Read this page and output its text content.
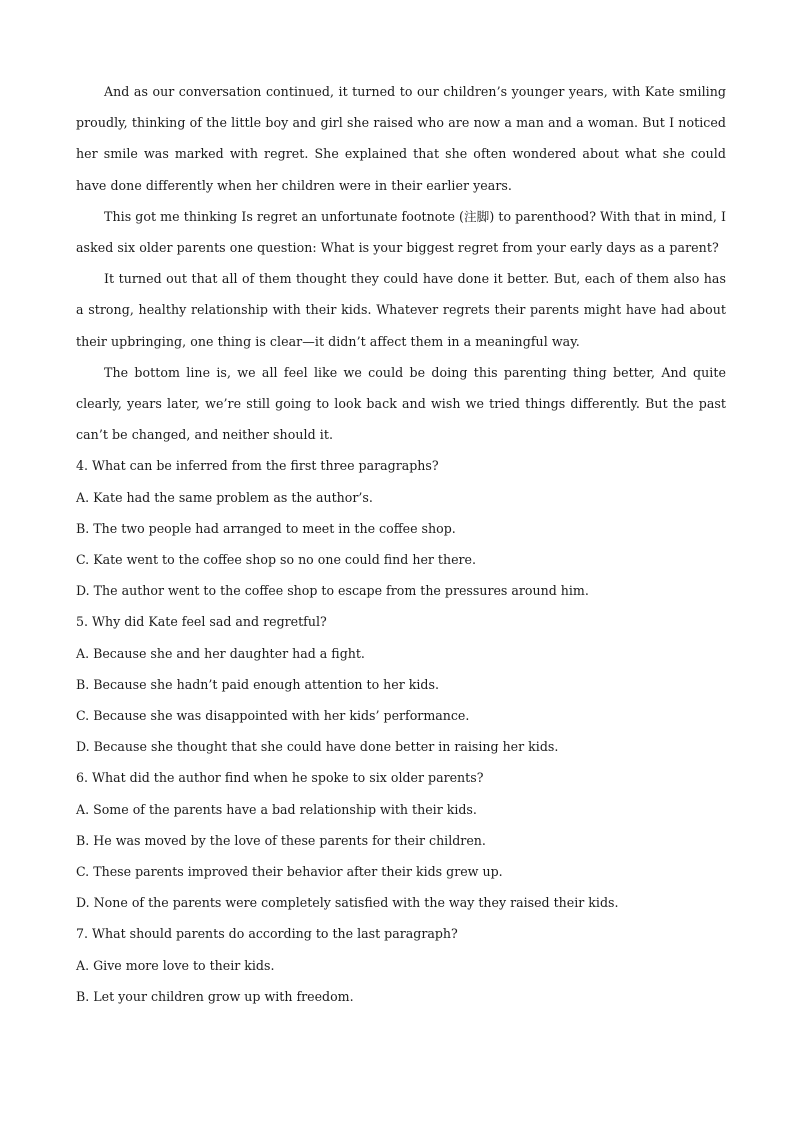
And as our conversation continued, it turned to our children’s younger years, with Kate smiling proudly, thinking of the little boy and girl she raised who are now a man and a woman. But I noticed her smile was marked with regret. She explained that she often wondered about what she could have done differently when her children were in their earlier years.

This got me thinking Is regret an unfortunate footnote (注脚) to parenthood? With that in mind, I asked six older parents one question: What is your biggest regret from your early days as a parent?

It turned out that all of them thought they could have done it better. But, each of them also has a strong, healthy relationship with their kids. Whatever regrets their parents might have had about their upbringing, one thing is clear—it didn’t affect them in a meaningful way.

The bottom line is, we all feel like we could be doing this parenting thing better, And quite clearly, years later, we’re still going to look back and wish we tried things differently. But the past can’t be changed, and neither should it.

4. What can be inferred from the first three paragraphs?

A. Kate had the same problem as the author’s.

B. The two people had arranged to meet in the coffee shop.

C. Kate went to the coffee shop so no one could find her there.

D. The author went to the coffee shop to escape from the pressures around him.

5. Why did Kate feel sad and regretful?

A. Because she and her daughter had a fight.

B. Because she hadn’t paid enough attention to her kids.

C. Because she was disappointed with her kids’ performance.

D. Because she thought that she could have done better in raising her kids.

6. What did the author find when he spoke to six older parents?

A. Some of the parents have a bad relationship with their kids.

B. He was moved by the love of these parents for their children.

C. These parents improved their behavior after their kids grew up.

D. None of the parents were completely satisfied with the way they raised their kids.

7. What should parents do according to the last paragraph?

A. Give more love to their kids.

B. Let your children grow up with freedom.
